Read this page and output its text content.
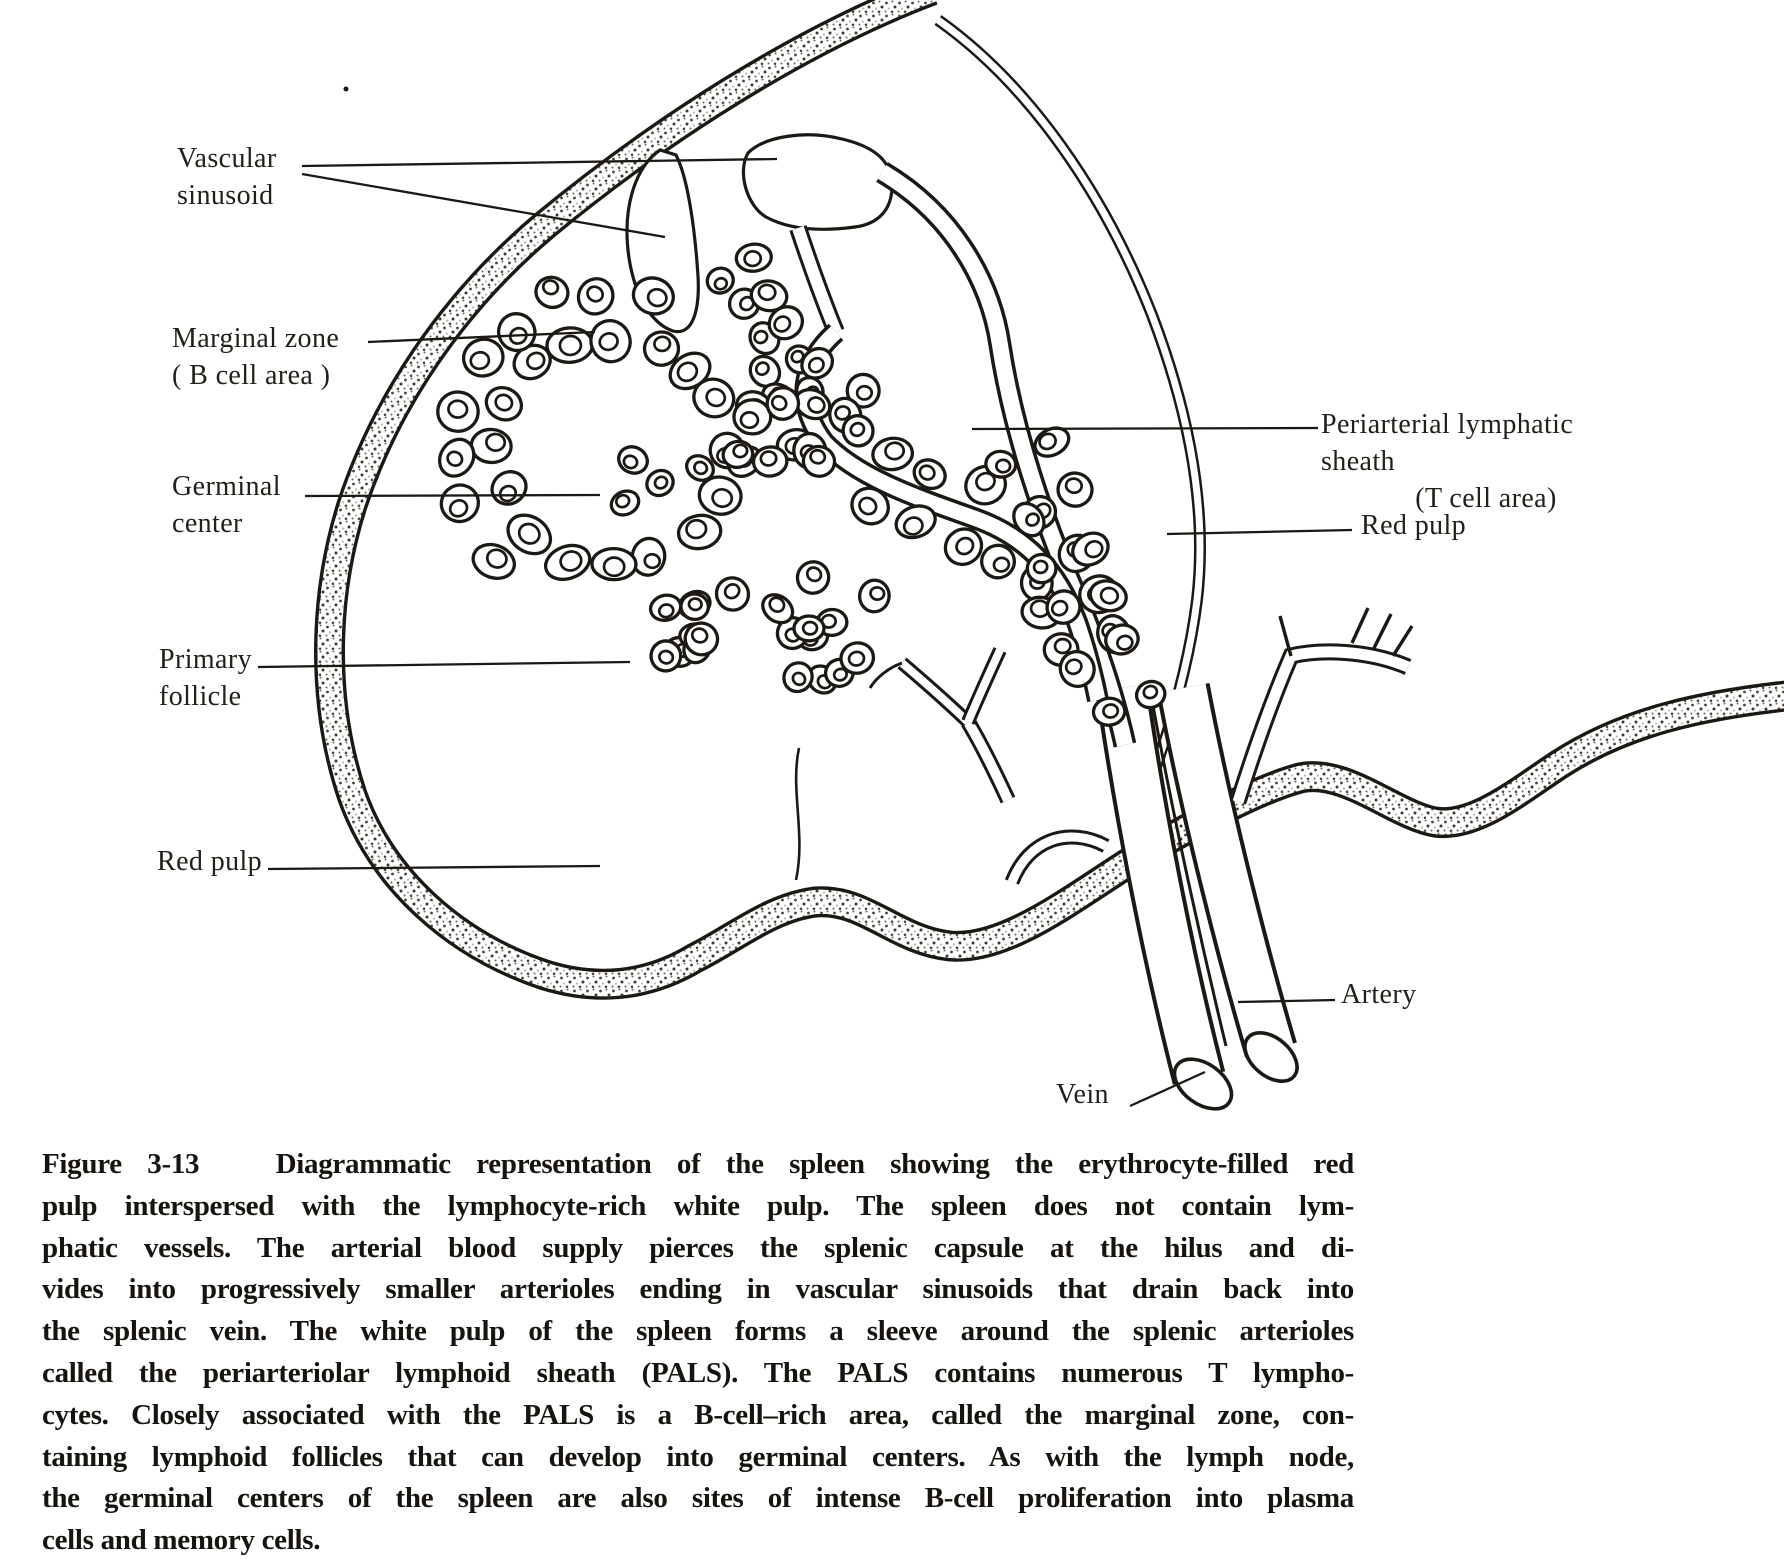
Vascular
sinusoid
Marginal zone
( B cell area )
Germinal
center
Primary
follicle
Red pulp
Periarterial lymphatic sheath
(T cell area)
Red pulp
Artery
Vein
Figure 3-13   Diagrammatic representation of the spleen showing the erythrocyte-filled red
pulp interspersed with the lymphocyte-rich white pulp. The spleen does not contain lym-
phatic vessels. The arterial blood supply pierces the splenic capsule at the hilus and di-
vides into progressively smaller arterioles ending in vascular sinusoids that drain back into
the splenic vein. The white pulp of the spleen forms a sleeve around the splenic arterioles
called the periarteriolar lymphoid sheath (PALS). The PALS contains numerous T lympho-
cytes. Closely associated with the PALS is a B-cell–rich area, called the marginal zone, con-
taining lymphoid follicles that can develop into germinal centers. As with the lymph node,
the germinal centers of the spleen are also sites of intense B-cell proliferation into plasma
cells and memory cells.
